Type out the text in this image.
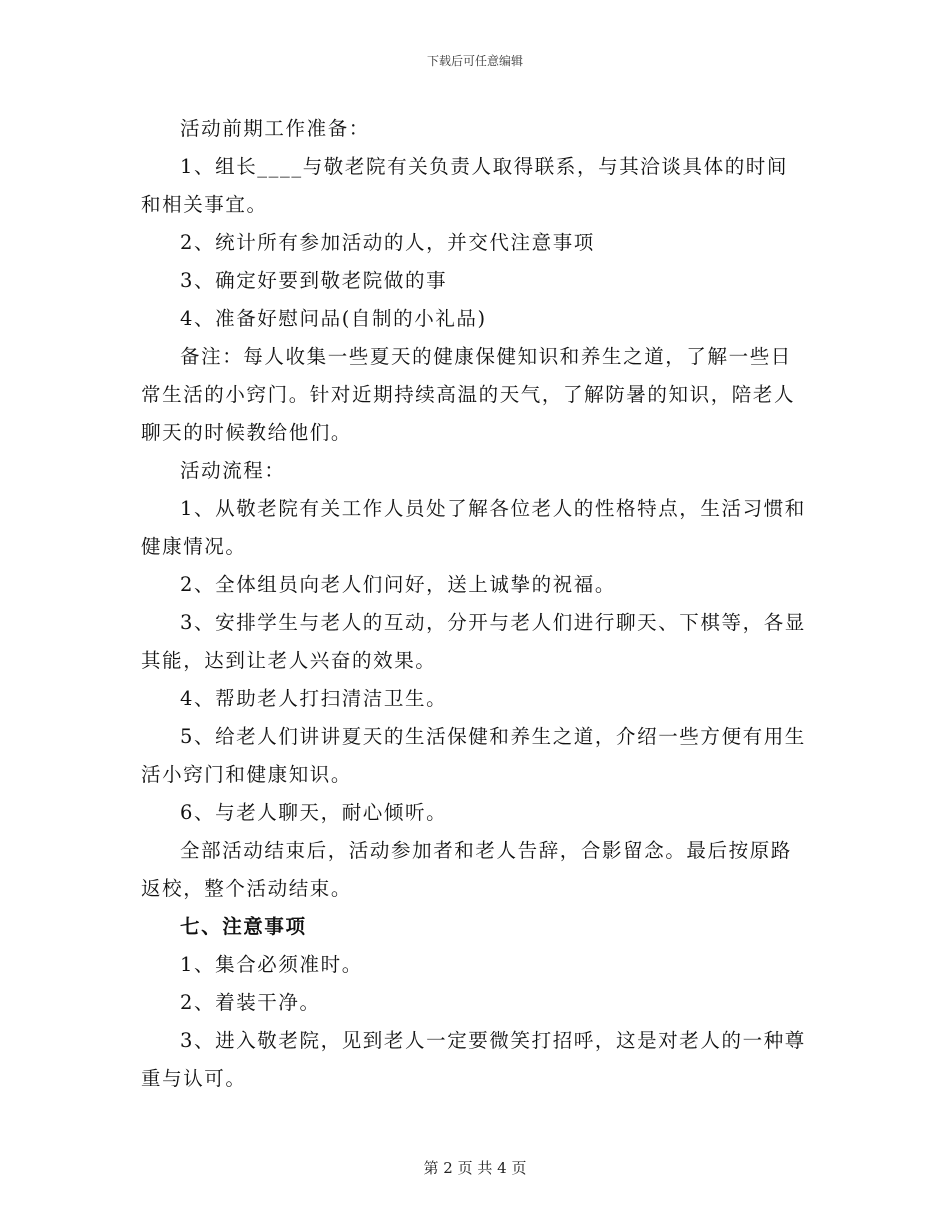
下载后可任意编辑

活动前期工作准备：

1、组长____与敬老院有关负责人取得联系，与其洽谈具体的时间和相关事宜。

2、统计所有参加活动的人，并交代注意事项

3、确定好要到敬老院做的事

4、准备好慰问品(自制的小礼品)

备注：每人收集一些夏天的健康保健知识和养生之道，了解一些日常生活的小窍门。针对近期持续高温的天气，了解防暑的知识，陪老人聊天的时候教给他们。

活动流程：

1、从敬老院有关工作人员处了解各位老人的性格特点，生活习惯和健康情况。

2、全体组员向老人们问好，送上诚挚的祝福。

3、安排学生与老人的互动，分开与老人们进行聊天、下棋等，各显其能，达到让老人兴奋的效果。

4、帮助老人打扫清洁卫生。

5、给老人们讲讲夏天的生活保健和养生之道，介绍一些方便有用生活小窍门和健康知识。

6、与老人聊天，耐心倾听。

全部活动结束后，活动参加者和老人告辞，合影留念。最后按原路返校，整个活动结束。

七、注意事项

1、集合必须准时。

2、着装干净。

3、进入敬老院，见到老人一定要微笑打招呼，这是对老人的一种尊重与认可。

第 2 页 共 4 页
